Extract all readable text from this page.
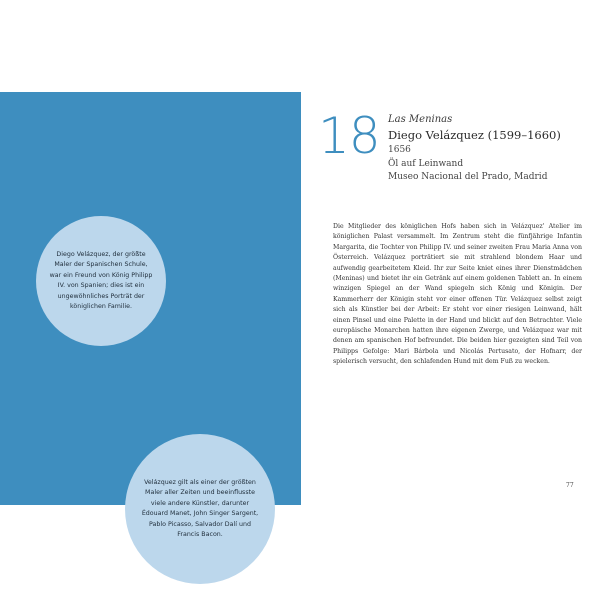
Diego Velázquez, der größte Maler der Spanischen Schule, war ein Freund von König Philipp IV. von Spanien; dies ist ein ungewöhnliches Porträt der königlichen Familie.

Velázquez gilt als einer der größten Maler aller Zeiten und beeinflusste viele andere Künstler, darunter Édouard Manet, John Singer Sargent, Pablo Picasso, Salvador Dalí und Francis Bacon.

18 Las Meninas
Diego Velázquez (1599–1660)
1656
Öl auf Leinwand
Museo Nacional del Prado, Madrid

Die Mitglieder des königlichen Hofs haben sich in Velázquez' Atelier im königlichen Palast versammelt. Im Zentrum steht die fünfjährige Infantin Margarita, die Tochter von Philipp IV. und seiner zweiten Frau Maria Anna von Österreich. Velázquez porträtiert sie mit strahlend blondem Haar und aufwendig gearbeitetem Kleid. Ihr zur Seite kniet eines ihrer Dienstmädchen (Meninas) und bietet ihr ein Getränk auf einem goldenen Tablett an. In einem winzigen Spiegel an der Wand spiegeln sich König und Königin. Der Kammerherr der Königin steht vor einer offenen Tür. Velázquez selbst zeigt sich als Künstler bei der Arbeit: Er steht vor einer riesigen Leinwand, hält einen Pinsel und eine Palette in der Hand und blickt auf den Betrachter. Viele europäische Monarchen hatten ihre eigenen Zwerge, und Velázquez war mit denen am spanischen Hof befreundet. Die beiden hier gezeigten sind Teil von Philipps Gefolge: Mari Bárbola und Nicolás Pertusato, der Hofnarr, der spielerisch versucht, den schlafenden Hund mit dem Fuß zu wecken.

77
